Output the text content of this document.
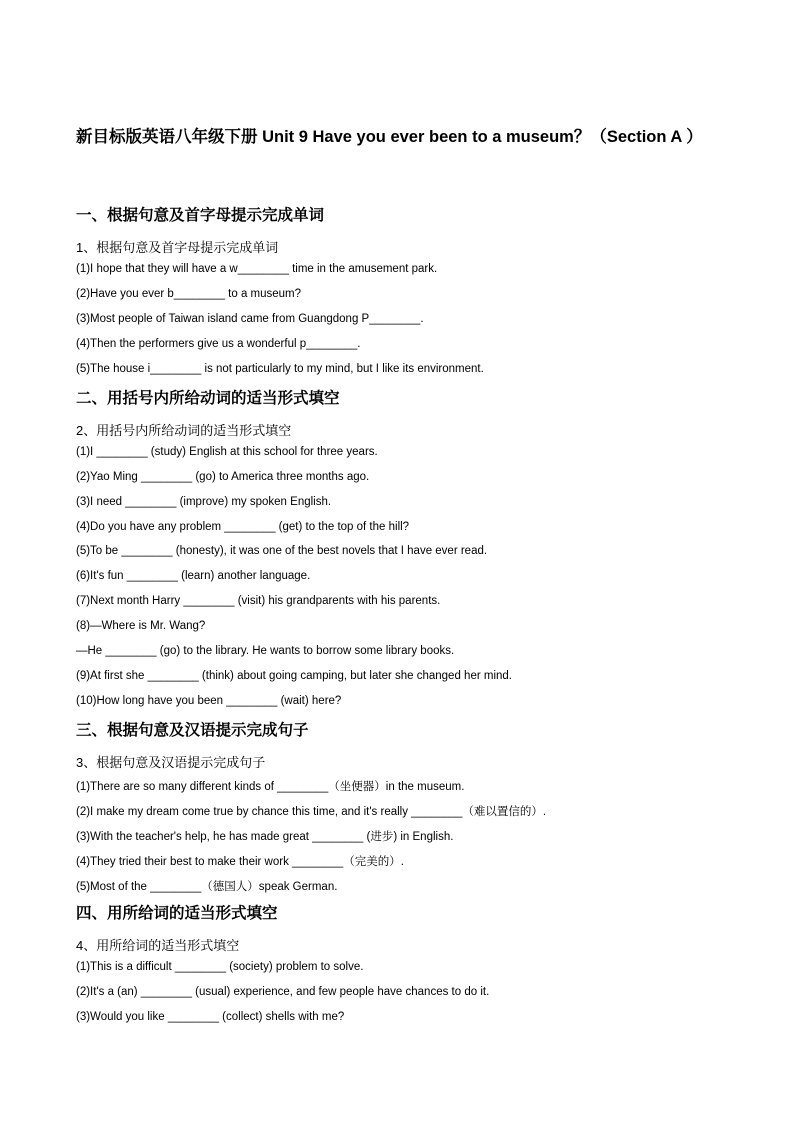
新目标版英语八年级下册 Unit 9 Have you ever been to a museum？（Section A ）
一、根据句意及首字母提示完成单词
1、根据句意及首字母提示完成单词
(1)I hope that they will have a w________ time in the amusement park.
(2)Have you ever b________ to a museum?
(3)Most people of Taiwan island came from Guangdong P________.
(4)Then the performers give us a wonderful p________.
(5)The house i________ is not particularly to my mind, but I like its environment.
二、用括号内所给动词的适当形式填空
2、用括号内所给动词的适当形式填空
(1)I ________ (study) English at this school for three years.
(2)Yao Ming ________ (go) to America three months ago.
(3)I need ________ (improve) my spoken English.
(4)Do you have any problem ________ (get) to the top of the hill?
(5)To be ________ (honesty), it was one of the best novels that I have ever read.
(6)It's fun ________ (learn) another language.
(7)Next month Harry ________ (visit) his grandparents with his parents.
(8)—Where is Mr. Wang?
—He ________ (go) to the library. He wants to borrow some library books.
(9)At first she ________ (think) about going camping, but later she changed her mind.
(10)How long have you been ________ (wait) here?
三、根据句意及汉语提示完成句子
3、根据句意及汉语提示完成句子
(1)There are so many different kinds of ________（坐便器）in the museum.
(2)I make my dream come true by chance this time, and it's really ________（难以置信的）.
(3)With the teacher's help, he has made great ________ (进步) in English.
(4)They tried their best to make their work ________（完美的）.
(5)Most of the ________（德国人）speak German.
四、用所给词的适当形式填空
4、用所给词的适当形式填空
(1)This is a difficult ________ (society) problem to solve.
(2)It's a (an) ________ (usual) experience, and few people have chances to do it.
(3)Would you like ________ (collect) shells with me?
